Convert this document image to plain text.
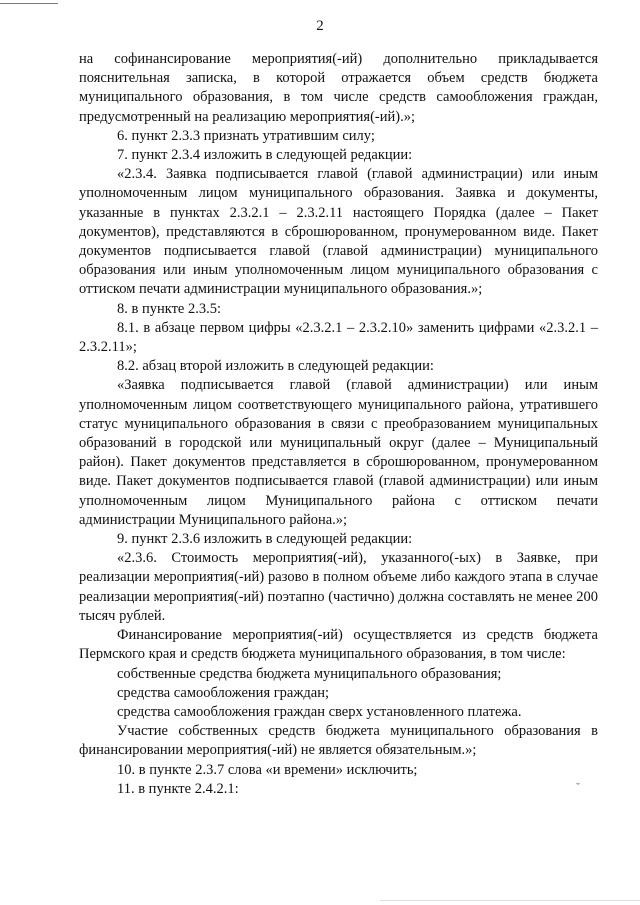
2

на софинансирование мероприятия(-ий) дополнительно прикладывается пояснительная записка, в которой отражается объем средств бюджета муниципального образования, в том числе средств самообложения граждан, предусмотренный на реализацию мероприятия(-ий).»;

6. пункт 2.3.3 признать утратившим силу;

7. пункт 2.3.4 изложить в следующей редакции:

«2.3.4. Заявка подписывается главой (главой администрации) или иным уполномоченным лицом муниципального образования. Заявка и документы, указанные в пунктах 2.3.2.1 – 2.3.2.11 настоящего Порядка (далее – Пакет документов), представляются в сброшюрованном, пронумерованном виде. Пакет документов подписывается главой (главой администрации) муниципального образования или иным уполномоченным лицом муниципального образования с оттиском печати администрации муниципального образования.»;

8. в пункте 2.3.5:

8.1. в абзаце первом цифры «2.3.2.1 – 2.3.2.10» заменить цифрами «2.3.2.1 – 2.3.2.11»;

8.2. абзац второй изложить в следующей редакции:

«Заявка подписывается главой (главой администрации) или иным уполномоченным лицом соответствующего муниципального района, утратившего статус муниципального образования в связи с преобразованием муниципальных образований в городской или муниципальный округ (далее – Муниципальный район). Пакет документов представляется в сброшюрованном, пронумерованном виде. Пакет документов подписывается главой (главой администрации) или иным уполномоченным лицом Муниципального района с оттиском печати администрации Муниципального района.»;

9. пункт 2.3.6 изложить в следующей редакции:

«2.3.6. Стоимость мероприятия(-ий), указанного(-ых) в Заявке, при реализации мероприятия(-ий) разово в полном объеме либо каждого этапа в случае реализации мероприятия(-ий) поэтапно (частично) должна составлять не менее 200 тысяч рублей.

Финансирование мероприятия(-ий) осуществляется из средств бюджета Пермского края и средств бюджета муниципального образования, в том числе:

собственные средства бюджета муниципального образования;

средства самообложения граждан;

средства самообложения граждан сверх установленного платежа.

Участие собственных средств бюджета муниципального образования в финансировании мероприятия(-ий) не является обязательным.»;

10. в пункте 2.3.7 слова «и времени» исключить;

11. в пункте 2.4.2.1:	ˇ
